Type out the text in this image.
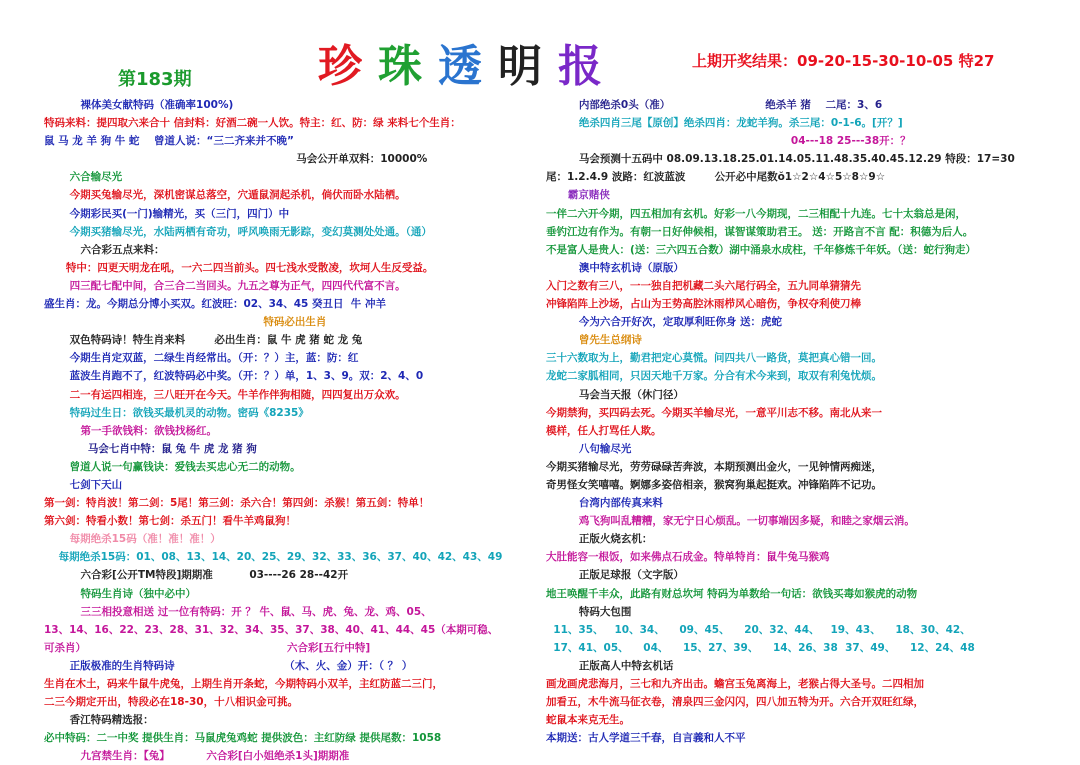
珍 珠 透 明 报	上期开奖结果：09-20-15-30-10-05 特27
第183期
裸体美女献特码（准确率100%)
特码来料：提四取六来合十 信封料：好酒二碗一人饮。特主：红、防：绿 来料七个生肖：
鼠 马 龙 羊 狗 牛 蛇    曾道人说：“三二齐来并不晚”
马会公开单双料：10000%
六合输尽光
今期买兔输尽光，深机密谋总落空，穴遁鼠洞起杀机，倘伏而卧水陆栖。
今期彩民买(一门)输精光，买（三门，四门）中
今期买猪输尽光，水陆两栖有奇功，呼风唤雨无影踪，变幻莫测处处通。（通）
六合彩五点来料：
特中：四更天明龙在吼，一六二四当前头。四七浅水受散凌，坎坷人生反受益。
四三配七配中间，合三合二当回头。九五之尊为正气，四四代代富不言。
盛生肖：龙。今期总分博小买双。红波旺：02、34、45 癸丑日  牛 冲羊
特码必出生肖
双色特码诗！特生肖来料        必出生肖：鼠 牛 虎 猪 蛇 龙 兔
今期生肖定双蓝，二绿生肖经常出。（开：？）主，蓝：防：红
蓝波生肖跑不了，红波特码必中奖。（开：？）单，1、3、9。双：2、4、0
二一有运四相连，三八旺开在今天。牛羊作伴狗相随，四四复出万众欢。
特码过生日：欲钱买最机灵的动物。密码《8235》
第一手欲钱料：欲钱找杨红。
马会七肖中特：鼠 兔 牛 虎 龙 猪 狗
曾道人说一句赢钱诀：爱钱去买忠心无二的动物。
七剑下天山
第一剑：特肖波！第二剑：5尾！第三剑：杀六合！第四剑：杀猴！第五剑：特单！
第六剑：特看小数！第七剑：杀五门！看牛羊鸡鼠狗！
每期绝杀15码（准！准！准！）
每期绝杀15码：01、08、13、14、20、25、29、32、33、36、37、40、42、43、49
六合彩[公开TM特段]期期准          03----26 28--42开
特码生肖诗（独中必中）
三三相投意相送 过一位有特码：开 ？ 牛、鼠、马、虎、兔、龙、鸡、05、
13、14、16、22、23、28、31、32、34、35、37、38、40、41、44、45（本期可稳、
可杀肖）                                                       六合彩[五行中特]
正版极准的生肖特码诗                              （木、火、金）开：（ ？ ）
生肖在木土，码来牛鼠牛虎兔，上期生肖开条蛇，今期特码小双羊，主红防蓝二三门，
二三今期定开出，特段必在18-30，十八相识金可挑。
香江特码精选报：
必中特码：二一中奖 提供生肖：马鼠虎兔鸡蛇 提供波色：主红防绿 提供尾数：1058
九宫禁生肖：【兔】          六合彩[白小姐绝杀1头]期期准
内部绝杀0头（准）                          绝杀羊 猪    二尾：3、6
绝杀四肖三尾【原创】绝杀四肖：龙蛇羊狗。杀三尾：0-1-6。[开？]
04---18 25---38开：？
马会预测十五码中 08.09.13.18.25.01.14.05.11.48.35.40.45.12.29 特段：17=30
尾：1.2.4.9 波路：红波蓝波        公开必中尾数ŏ1☆2☆4☆5☆8☆9☆
霸京赌侠
一伴二六开今期，四五相加有玄机。好彩一八今期现，二三相配十九连。七十太翁总是闲，
垂钓江边有作为。有朝一日好伸候相，谋智谋策助君王。 送：开路言不言 配：积德为后人。
不是富人是贵人：(送：三六四五合数）湖中涌泉水成柱，千年修炼千年妖。（送：蛇行狗走）
澳中特玄机诗（原版）
入门之数有三八，一一独自把机藏二头六尾行码全，五九同单猜猜先
冲锋陷阵上沙场，占山为王势高腔沐雨栉风心暗伤，争权夺利使刀棒
今为六合开好次，定取厚利旺你身 送：虎蛇
曾先生总纲诗
三十六数取为上，勤君把定心莫慌。问四共八一路货，莫把真心错一回。
龙蛇二家胍相同，只因天地千万家。分合有术今来到，取双有利兔忧烦。
马会当天报（休门径）
今期禁狗，买四码去死。今期买羊输尽光，一意平川志不移。南北从来一
模样，任人打骂任人欺。
八句输尽光
今期买猪输尽光，劳劳碌碌苦奔波，本期预测出金火，一见钟情两痴迷，
奇男怪女笑嘻嘻。婀娜多姿倍相亲，猴窝狗巢起挺欢。冲锋陷阵不记功。
台湾内部传真来料
鸡飞狗叫乱糟糟，家无宁日心烦乱。一切事端因多疑，和睦之家烟云消。
正版火烧玄机：
大肚能容一根饭，如来佛点石成金。特单特肖：鼠牛兔马猴鸡
正版足球报（文字版）
地王唤醒千丰众，此路有财总坎坷 特码为单数给一句话：欲钱买毒如猴虎的动物
特码大包围
11、35、   10、34、    09、45、    20、32、44、   19、43、    18、30、42、
17、41、05、    04、    15、27、39、    14、26、38  37、49、    12、24、48
正版高人中特玄机话
画龙画虎悲海月，三七和九齐出击。蟾宫玉兔离海上，老猴占得大圣号。二四相加
加看五，木牛流马征衣卷，清泉四三金闪闪，四八加五特为开。六合开双旺红绿，
蛇鼠本来克无生。
本期送：古人学道三千春，自言義和人不平
